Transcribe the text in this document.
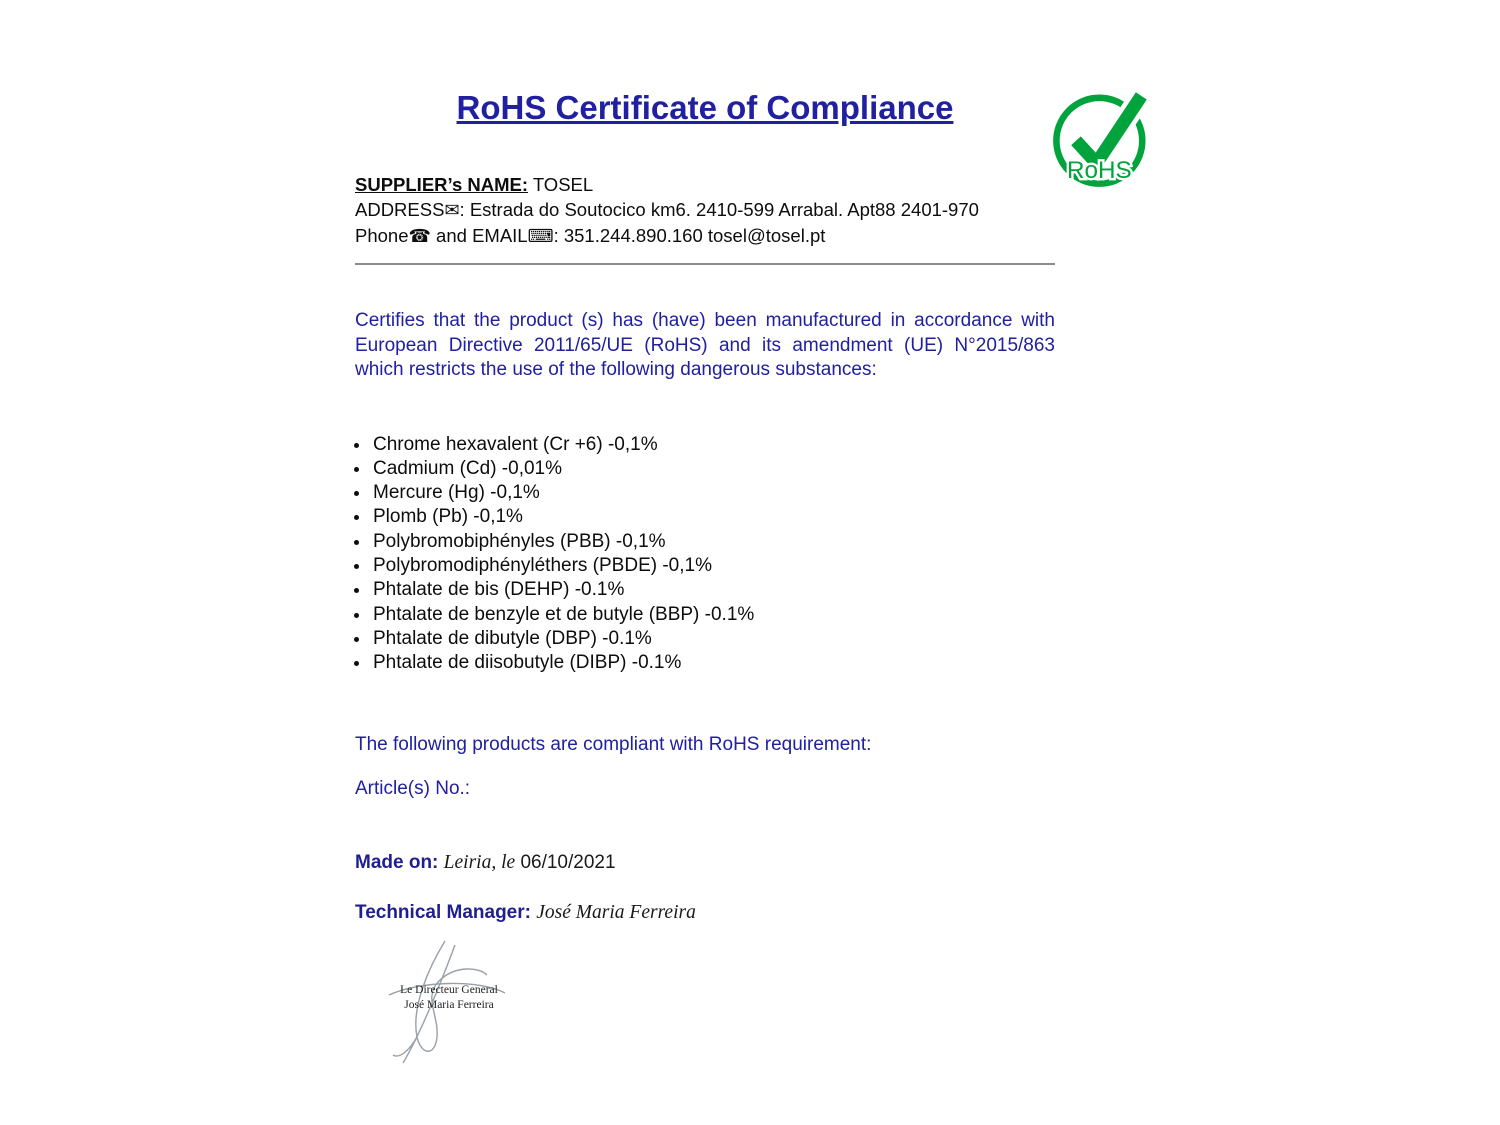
RoHS
RoHS Certificate of Compliance
SUPPLIER’s NAME: TOSEL
ADDRESS✉: Estrada do Soutocico km6. 2410-599 Arrabal. Apt88 2401-970
Phone☎ and EMAIL⌨: 351.244.890.160 tosel@tosel.pt

Certifies that the product (s) has (have) been manufactured in accordance with European Directive 2011/65/UE (RoHS) and its amendment (UE) N°2015/863 which restricts the use of the following dangerous substances:

• Chrome hexavalent (Cr +6) -0,1%
• Cadmium (Cd) -0,01%
• Mercure (Hg) -0,1%
• Plomb (Pb) -0,1%
• Polybromobiphényles (PBB) -0,1%
• Polybromodiphényléthers (PBDE) -0,1%
• Phtalate de bis (DEHP) -0.1%
• Phtalate de benzyle et de butyle (BBP) -0.1%
• Phtalate de dibutyle (DBP) -0.1%
• Phtalate de diisobutyle (DIBP) -0.1%
The following products are compliant with RoHS requirement:
Article(s) No.:
Made on: Leiria, le 06/10/2021
Technical Manager: José Maria Ferreira
Le Directeur General
José Maria Ferreira
